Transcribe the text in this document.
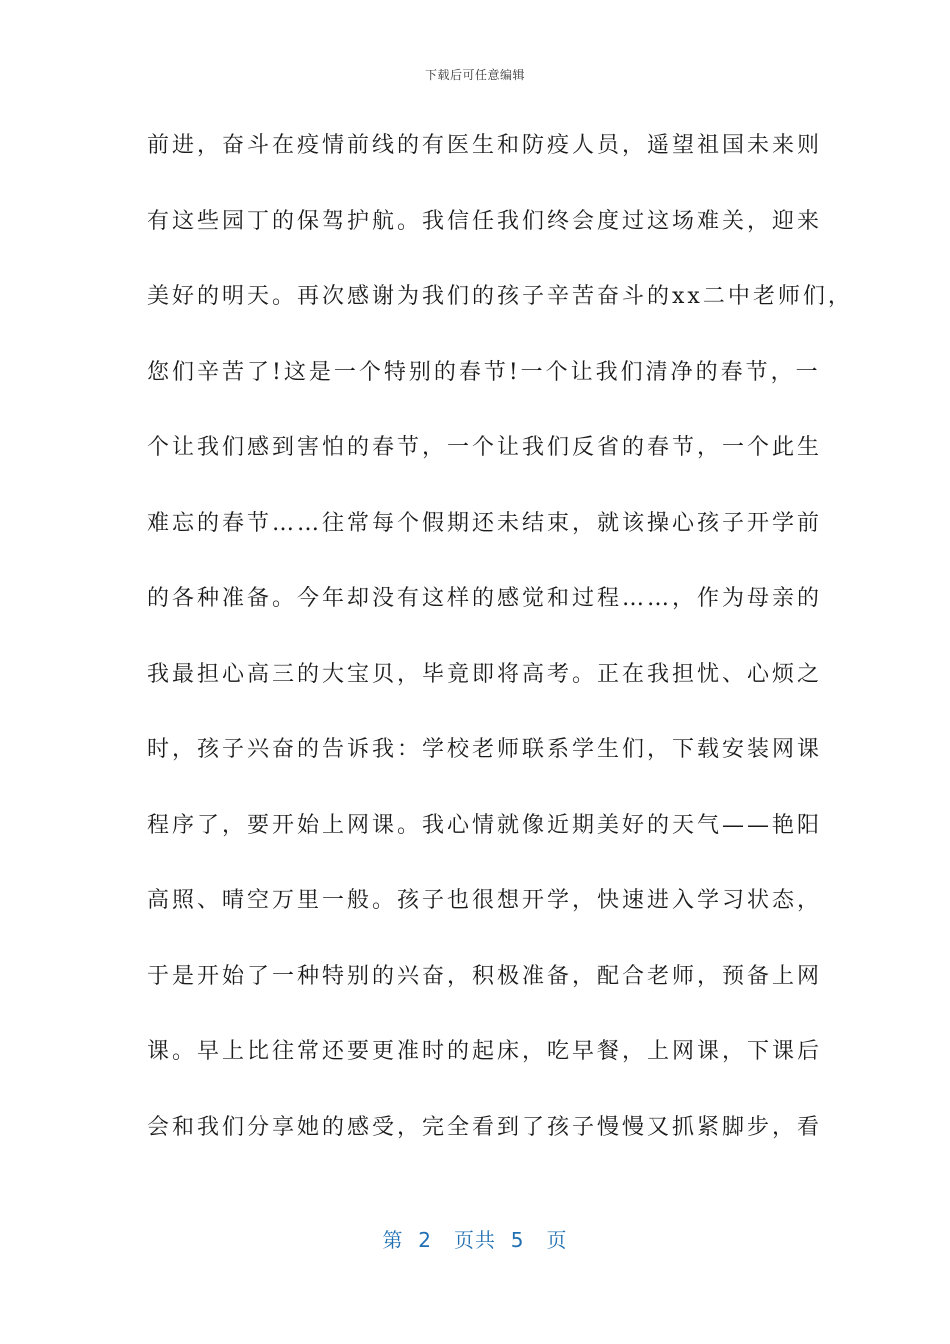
下载后可任意编辑
前进，奋斗在疫情前线的有医生和防疫人员，遥望祖国未来则
有这些园丁的保驾护航。我信任我们终会度过这场难关，迎来
美好的明天。再次感谢为我们的孩子辛苦奋斗的xx二中老师们，
您们辛苦了!这是一个特别的春节!一个让我们清净的春节，一
个让我们感到害怕的春节，一个让我们反省的春节，一个此生
难忘的春节……往常每个假期还未结束，就该操心孩子开学前
的各种准备。今年却没有这样的感觉和过程……，作为母亲的
我最担心高三的大宝贝，毕竟即将高考。正在我担忧、心烦之
时，孩子兴奋的告诉我：学校老师联系学生们，下载安装网课
程序了，要开始上网课。我心情就像近期美好的天气——艳阳
高照、晴空万里一般。孩子也很想开学，快速进入学习状态，
于是开始了一种特别的兴奋，积极准备，配合老师，预备上网
课。早上比往常还要更准时的起床，吃早餐，上网课，下课后
会和我们分享她的感受，完全看到了孩子慢慢又抓紧脚步，看
第  2   页共  5   页
